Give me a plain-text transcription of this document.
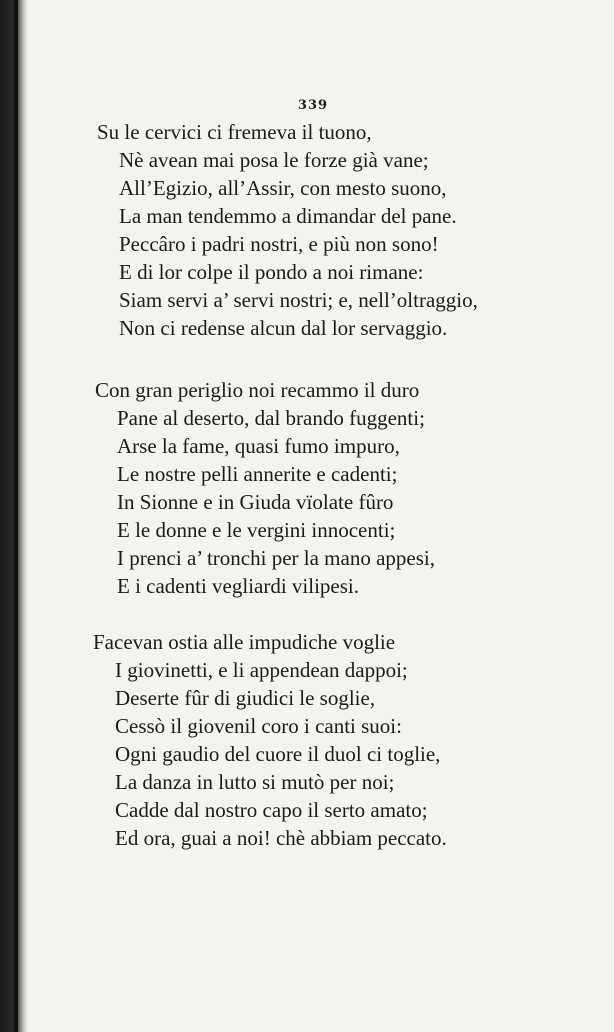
339
Su le cervici ci fremeva il tuono,
Nè avean mai posa le forze già vane;
All’Egizio, all’Assir, con mesto suono,
La man tendemmo a dimandar del pane.
Peccâro i padri nostri, e più non sono!
E di lor colpe il pondo a noi rimane:
Siam servi a’ servi nostri; e, nell’oltraggio,
Non ci redense alcun dal lor servaggio.
Con gran periglio noi recammo il duro
Pane al deserto, dal brando fuggenti;
Arse la fame, quasi fumo impuro,
Le nostre pelli annerite e cadenti;
In Sionne e in Giuda vïolate fûro
E le donne e le vergini innocenti;
I prenci a’ tronchi per la mano appesi,
E i cadenti vegliardi vilipesi.
Facevan ostia alle impudiche voglie
I giovinetti, e li appendean dappoi;
Deserte fûr di giudici le soglie,
Cessò il giovenil coro i canti suoi:
Ogni gaudio del cuore il duol ci toglie,
La danza in lutto si mutò per noi;
Cadde dal nostro capo il serto amato;
Ed ora, guai a noi! chè abbiam peccato.
